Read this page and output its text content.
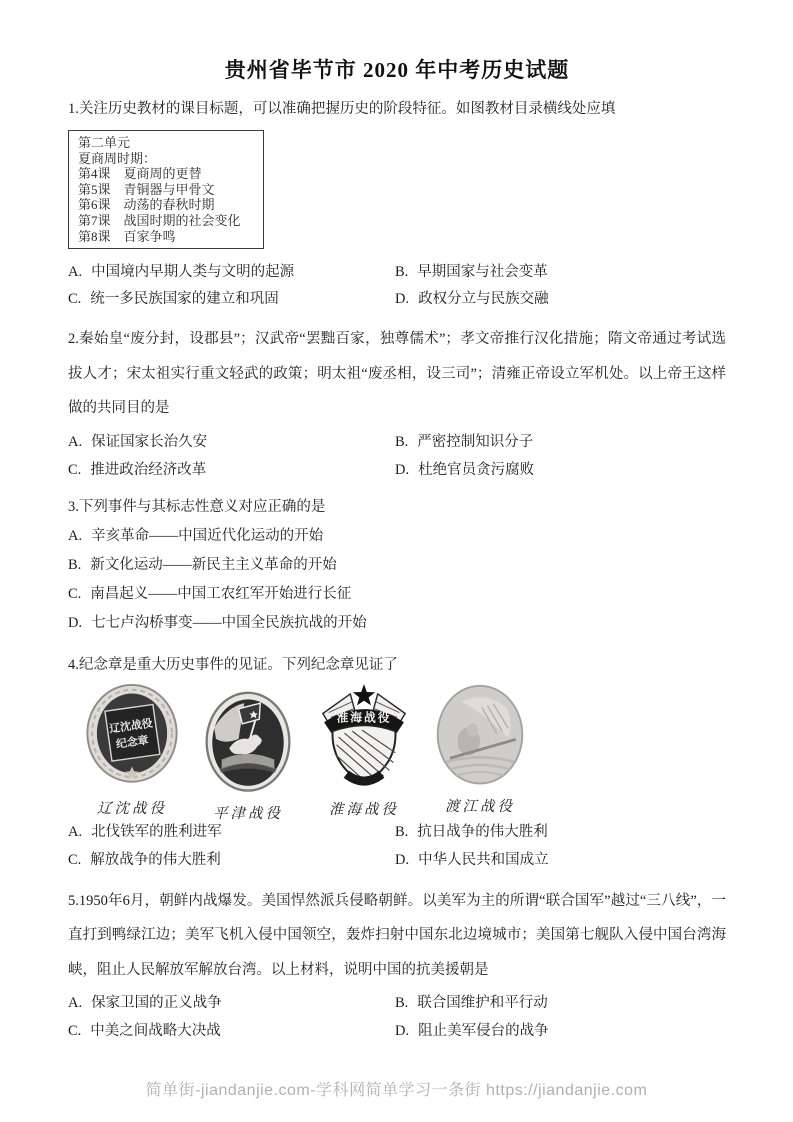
贵州省毕节市 2020 年中考历史试题

1.关注历史教材的课目标题，可以准确把握历史的阶段特征。如图教材目录横线处应填

第二单元
夏商周时期：
第4课　夏商周的更替
第5课　青铜器与甲骨文
第6课　动荡的春秋时期
第7课　战国时期的社会变化
第8课　百家争鸣
A. 中国境内早期人类与文明的起源	B. 早期国家与社会变革
C. 统一多民族国家的建立和巩固	D. 政权分立与民族交融

2.秦始皇“废分封，设郡县”；汉武帝“罢黜百家，独尊儒术”；孝文帝推行汉化措施；隋文帝通过考试选拔人才；宋太祖实行重文轻武的政策；明太祖“废丞相，设三司”；清雍正帝设立军机处。以上帝王这样做的共同目的是

A. 保证国家长治久安	B. 严密控制知识分子
C. 推进政治经济改革	D. 杜绝官员贪污腐败

3.下列事件与其标志性意义对应正确的是

A. 辛亥革命——中国近代化运动的开始
B. 新文化运动——新民主主义革命的开始
C. 南昌起义——中国工农红军开始进行长征
D. 七七卢沟桥事变——中国全民族抗战的开始

4.纪念章是重大历史事件的见证。下列纪念章见证了

辽沈战役
纪念章
辽沈战役	平津战役
淮海战役
淮海战役	渡江战役
A. 北伐铁军的胜利进军	B. 抗日战争的伟大胜利
C. 解放战争的伟大胜利	D. 中华人民共和国成立

5.1950年6月，朝鲜内战爆发。美国悍然派兵侵略朝鲜。以美军为主的所谓“联合国军”越过“三八线”，一直打到鸭绿江边；美军飞机入侵中国领空，轰炸扫射中国东北边境城市；美国第七舰队入侵中国台湾海峡，阻止人民解放军解放台湾。以上材料，说明中国的抗美援朝是

A. 保家卫国的正义战争	B. 联合国维护和平行动
C. 中美之间战略大决战	D. 阻止美军侵台的战争
简单街-jiandanjie.com-学科网简单学习一条街 https://jiandanjie.com
